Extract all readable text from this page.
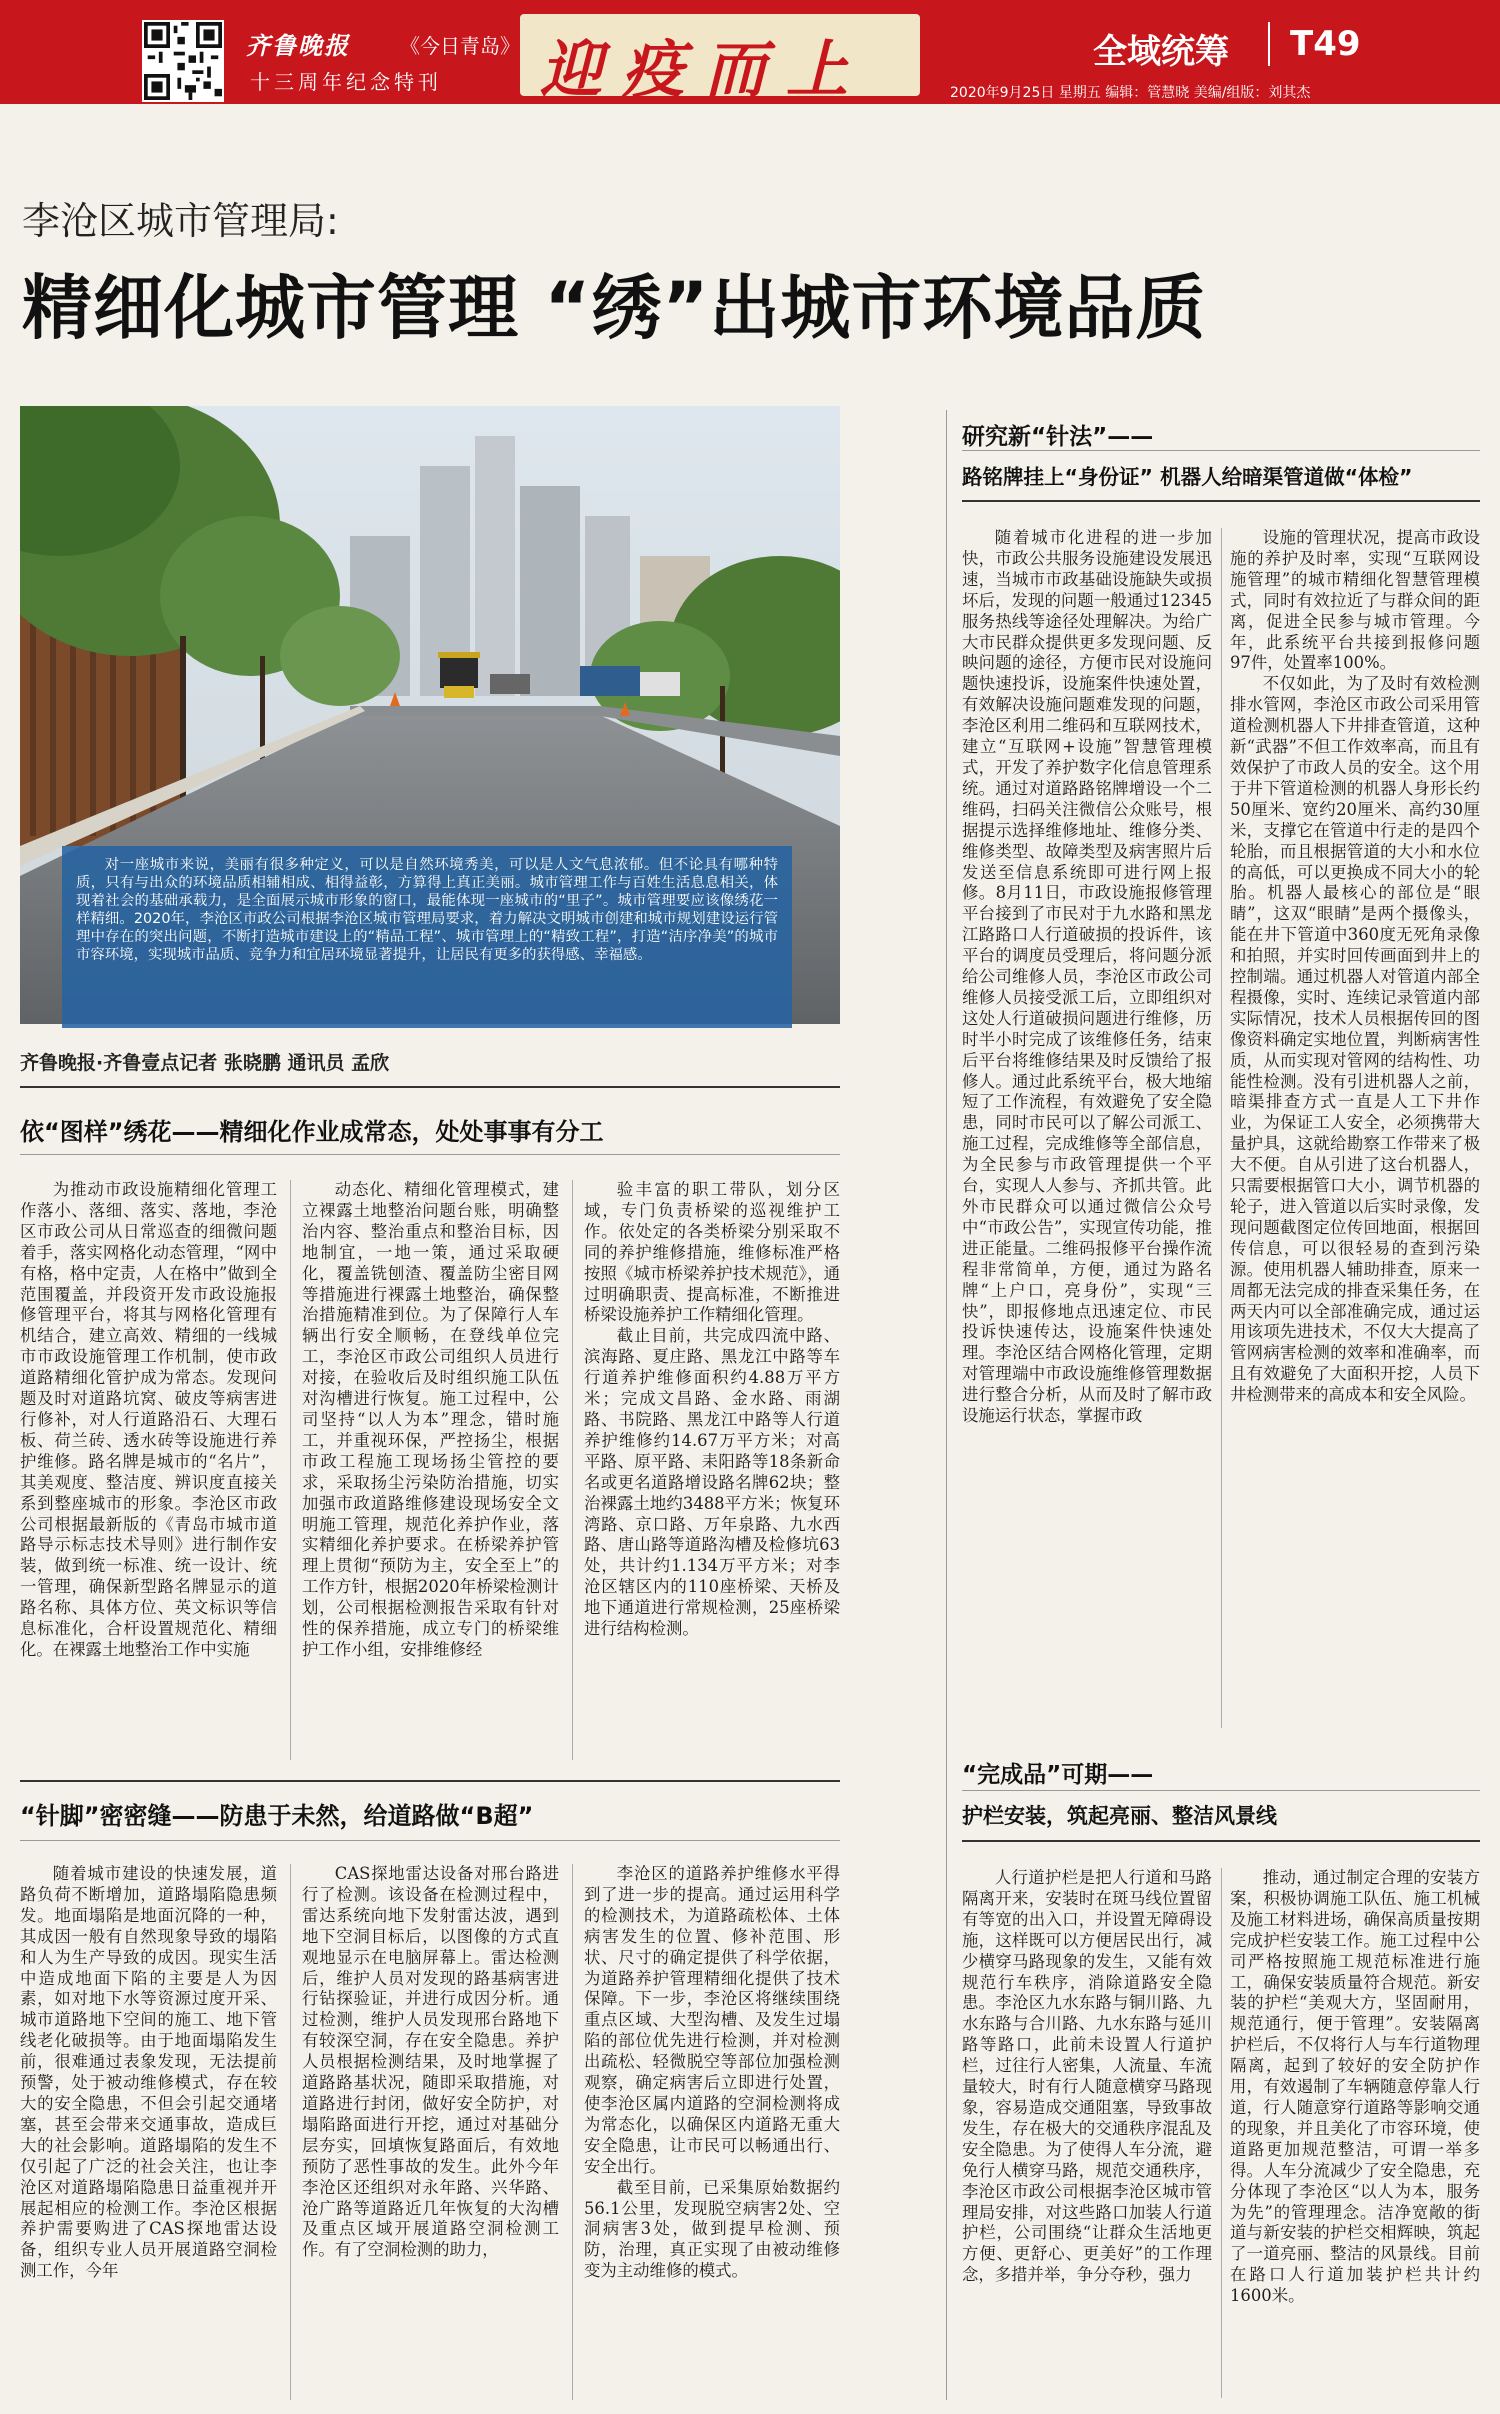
齐鲁晚报	《今日青岛》
十三周年纪念特刊 迎疫而上	全域统筹 T49
2020年9月25日 星期五 编辑：管慧晓 美编/组版：刘其杰
李沧区城市管理局:
精细化城市管理 “绣”出城市环境品质

对一座城市来说，美丽有很多种定义，可以是自然环境秀美，可以是人文气息浓郁。但不论具有哪种特质，只有与出众的环境品质相辅相成、相得益彰，方算得上真正美丽。城市管理工作与百姓生活息息相关，体现着社会的基础承载力，是全面展示城市形象的窗口，最能体现一座城市的“里子”。城市管理要应该像绣花一样精细。2020年，李沧区市政公司根据李沧区城市管理局要求，着力解决文明城市创建和城市规划建设运行管理中存在的突出问题，不断打造城市建设上的“精品工程”、城市管理上的“精致工程”，打造“洁序净美”的城市市容环境，实现城市品质、竞争力和宜居环境显著提升，让居民有更多的获得感、幸福感。

齐鲁晚报·齐鲁壹点记者 张晓鹏 通讯员 孟欣
依“图样”绣花——精细化作业成常态，处处事事有分工

为推动市政设施精细化管理工作落小、落细、落实、落地，李沧区市政公司从日常巡查的细微问题着手，落实网格化动态管理，“网中有格，格中定责，人在格中”做到全范围覆盖，并段资开发市政设施报修管理平台，将其与网格化管理有机结合，建立高效、精细的一线城市市政设施管理工作机制，使市政道路精细化管护成为常态。发现问题及时对道路坑窝、破皮等病害进行修补，对人行道路沿石、大理石板、荷兰砖、透水砖等设施进行养护维修。路名牌是城市的“名片”，其美观度、整洁度、辨识度直接关系到整座城市的形象。李沧区市政公司根据最新版的《青岛市城市道路导示标志技术导则》进行制作安装，做到统一标准、统一设计、统一管理，确保新型路名牌显示的道路名称、具体方位、英文标识等信息标准化，合杆设置规范化、精细化。在裸露土地整治工作中实施

动态化、精细化管理模式，建立裸露土地整治问题台账，明确整治内容、整治重点和整治目标，因地制宜，一地一策，通过采取硬化，覆盖铣刨渣、覆盖防尘密目网等措施进行裸露土地整治，确保整治措施精准到位。为了保障行人车辆出行安全顺畅，在登线单位完工，李沧区市政公司组织人员进行对接，在验收后及时组织施工队伍对沟槽进行恢复。施工过程中，公司坚持“以人为本”理念，错时施工，并重视环保，严控扬尘，根据市政工程施工现场扬尘管控的要求，采取扬尘污染防治措施，切实加强市政道路维修建设现场安全文明施工管理，规范化养护作业，落实精细化养护要求。在桥梁养护管理上贯彻“预防为主，安全至上”的工作方针，根据2020年桥梁检测计划，公司根据检测报告采取有针对性的保养措施，成立专门的桥梁维护工作小组，安排维修经

验丰富的职工带队，划分区域，专门负责桥梁的巡视维护工作。依处定的各类桥梁分别采取不同的养护维修措施，维修标准严格按照《城市桥梁养护技术规范》，通过明确职责、提高标准，不断推进桥梁设施养护工作精细化管理。

截止目前，共完成四流中路、滨海路、夏庄路、黑龙江中路等车行道养护维修面积约4.88万平方米；完成文昌路、金水路、雨湖路、书院路、黑龙江中路等人行道养护维修约14.67万平方米；对高平路、原平路、耒阳路等18条新命名或更名道路增设路名牌62块；整治裸露土地约3488平方米；恢复环湾路、京口路、万年泉路、九水西路、唐山路等道路沟槽及检修坑63处，共计约1.134万平方米；对李沧区辖区内的110座桥梁、天桥及地下通道进行常规检测，25座桥梁进行结构检测。

“针脚”密密缝——防患于未然，给道路做“B超”

随着城市建设的快速发展，道路负荷不断增加，道路塌陷隐患频发。地面塌陷是地面沉降的一种，其成因一般有自然现象导致的塌陷和人为生产导致的成因。现实生活中造成地面下陷的主要是人为因素，如对地下水等资源过度开采、城市道路地下空间的施工、地下管线老化破损等。由于地面塌陷发生前，很难通过表象发现，无法提前预警，处于被动维修模式，存在较大的安全隐患，不但会引起交通堵塞，甚至会带来交通事故，造成巨大的社会影响。道路塌陷的发生不仅引起了广泛的社会关注，也让李沧区对道路塌陷隐患日益重视并开展起相应的检测工作。李沧区根据养护需要购进了CAS探地雷达设备，组织专业人员开展道路空洞检测工作，今年

CAS探地雷达设备对邢台路进行了检测。该设备在检测过程中，雷达系统向地下发射雷达波，遇到地下空洞目标后，以图像的方式直观地显示在电脑屏幕上。雷达检测后，维护人员对发现的路基病害进行钻探验证，并进行成因分析。通过检测，维护人员发现邢台路地下有较深空洞，存在安全隐患。养护人员根据检测结果，及时地掌握了道路路基状况，随即采取措施，对道路进行封闭，做好安全防护，对塌陷路面进行开挖，通过对基础分层夯实，回填恢复路面后，有效地预防了恶性事故的发生。此外今年李沧区还组织对永年路、兴华路、沧广路等道路近几年恢复的大沟槽及重点区域开展道路空洞检测工作。有了空洞检测的助力，

李沧区的道路养护维修水平得到了进一步的提高。通过运用科学的检测技术，为道路疏松体、土体病害发生的位置、修补范围、形状、尺寸的确定提供了科学依据，为道路养护管理精细化提供了技术保障。下一步，李沧区将继续围绕重点区域、大型沟槽、及发生过塌陷的部位优先进行检测，并对检测出疏松、轻微脱空等部位加强检测观察，确定病害后立即进行处置，使李沧区属内道路的空洞检测将成为常态化，以确保区内道路无重大安全隐患，让市民可以畅通出行、安全出行。

截至目前，已采集原始数据约56.1公里，发现脱空病害2处、空洞病害3处，做到提早检测、预防，治理，真正实现了由被动维修变为主动维修的模式。

研究新“针法”——
路铭牌挂上“身份证” 机器人给暗渠管道做“体检”

随着城市化进程的进一步加快，市政公共服务设施建设发展迅速，当城市市政基础设施缺失或损坏后，发现的问题一般通过12345服务热线等途径处理解决。为给广大市民群众提供更多发现问题、反映问题的途径，方便市民对设施问题快速投诉，设施案件快速处置，有效解决设施问题难发现的问题，李沧区利用二维码和互联网技术，建立“互联网+设施”智慧管理模式，开发了养护数字化信息管理系统。通过对道路路铭牌增设一个二维码，扫码关注微信公众账号，根据提示选择维修地址、维修分类、维修类型、故障类型及病害照片后发送至信息系统即可进行网上报修。8月11日，市政设施报修管理平台接到了市民对于九水路和黑龙江路路口人行道破损的投诉件，该平台的调度员受理后，将问题分派给公司维修人员，李沧区市政公司维修人员接受派工后，立即组织对这处人行道破损问题进行维修，历时半小时完成了该维修任务，结束后平台将维修结果及时反馈给了报修人。通过此系统平台，极大地缩短了工作流程，有效避免了安全隐患，同时市民可以了解公司派工、施工过程，完成维修等全部信息，为全民参与市政管理提供一个平台，实现人人参与、齐抓共管。此外市民群众可以通过微信公众号中“市政公告”，实现宣传功能，推进正能量。二维码报修平台操作流程非常简单，方便，通过为路名牌“上户口，亮身份”，实现“三快”，即报修地点迅速定位、市民投诉快速传达，设施案件快速处理。李沧区结合网格化管理，定期对管理端中市政设施维修管理数据进行整合分析，从而及时了解市政设施运行状态，掌握市政

设施的管理状况，提高市政设施的养护及时率，实现“互联网设施管理”的城市精细化智慧管理模式，同时有效拉近了与群众间的距离，促进全民参与城市管理。今年，此系统平台共接到报修问题97件，处置率100%。

不仅如此，为了及时有效检测排水管网，李沧区市政公司采用管道检测机器人下井排查管道，这种新“武器”不但工作效率高，而且有效保护了市政人员的安全。这个用于井下管道检测的机器人身形长约50厘米、宽约20厘米、高约30厘米，支撑它在管道中行走的是四个轮胎，而且根据管道的大小和水位的高低，可以更换成不同大小的轮胎。机器人最核心的部位是“眼睛”，这双“眼睛”是两个摄像头，能在井下管道中360度无死角录像和拍照，并实时回传画面到井上的控制端。通过机器人对管道内部全程摄像，实时、连续记录管道内部实际情况，技术人员根据传回的图像资料确定实地位置，判断病害性质，从而实现对管网的结构性、功能性检测。没有引进机器人之前，暗渠排查方式一直是人工下井作业，为保证工人安全，必须携带大量护具，这就给勘察工作带来了极大不便。自从引进了这台机器人，只需要根据管口大小，调节机器的轮子，进入管道以后实时录像，发现问题截图定位传回地面，根据回传信息，可以很轻易的查到污染源。使用机器人辅助排查，原来一周都无法完成的排查采集任务，在两天内可以全部准确完成，通过运用该项先进技术，不仅大大提高了管网病害检测的效率和准确率，而且有效避免了大面积开挖，人员下井检测带来的高成本和安全风险。

“完成品”可期——
护栏安装，筑起亮丽、整洁风景线

人行道护栏是把人行道和马路隔离开来，安装时在斑马线位置留有等宽的出入口，并设置无障碍设施，这样既可以方便居民出行，减少横穿马路现象的发生，又能有效规范行车秩序，消除道路安全隐患。李沧区九水东路与铜川路、九水东路与合川路、九水东路与延川路等路口，此前未设置人行道护栏，过往行人密集，人流量、车流量较大，时有行人随意横穿马路现象，容易造成交通阻塞，导致事故发生，存在极大的交通秩序混乱及安全隐患。为了使得人车分流，避免行人横穿马路，规范交通秩序，李沧区市政公司根据李沧区城市管理局安排，对这些路口加装人行道护栏，公司围绕“让群众生活地更方便、更舒心、更美好”的工作理念，多措并举，争分夺秒，强力

推动，通过制定合理的安装方案，积极协调施工队伍、施工机械及施工材料进场，确保高质量按期完成护栏安装工作。施工过程中公司严格按照施工规范标准进行施工，确保安装质量符合规范。新安装的护栏“美观大方，坚固耐用，规范通行，便于管理”。安装隔离护栏后，不仅将行人与车行道物理隔离，起到了较好的安全防护作用，有效遏制了车辆随意停靠人行道，行人随意穿行道路等影响交通的现象，并且美化了市容环境，使道路更加规范整洁，可谓一举多得。人车分流减少了安全隐患，充分体现了李沧区“以人为本，服务为先”的管理理念。洁净宽敞的街道与新安装的护栏交相辉映，筑起了一道亮丽、整洁的风景线。目前在路口人行道加装护栏共计约1600米。
